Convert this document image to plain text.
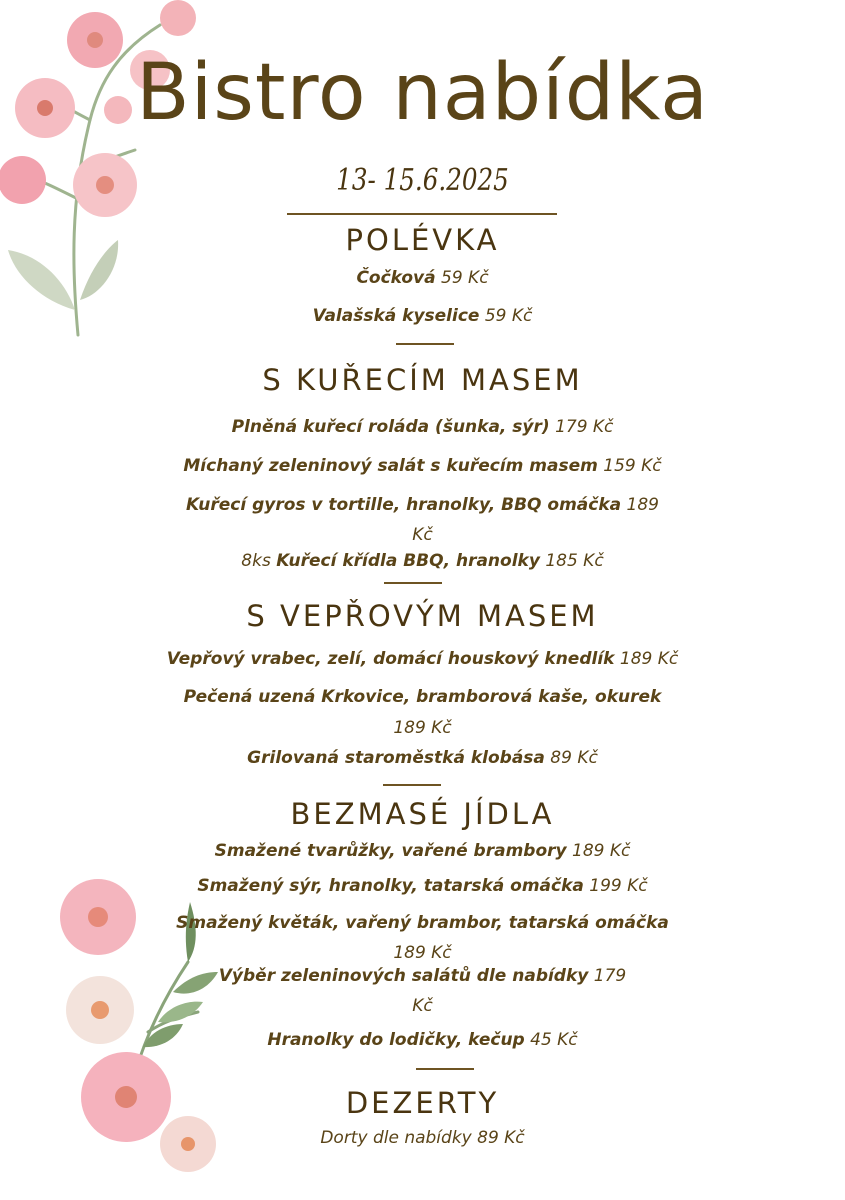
Bistro nabídka
13- 15.6.2025
POLÉVKA
Čočková 59 Kč
Valašská kyselice 59 Kč
S KUŘECÍM MASEM
Plněná kuřecí roláda (šunka, sýr) 179 Kč
Míchaný zeleninový salát s kuřecím masem 159 Kč
Kuřecí gyros v tortille, hranolky, BBQ omáčka 189
Kč
8ks Kuřecí křídla BBQ, hranolky 185 Kč
S VEPŘOVÝM MASEM
Vepřový vrabec, zelí, domácí houskový knedlík 189 Kč
Pečená uzená Krkovice, bramborová kaše, okurek
189 Kč
Grilovaná staroměstká klobása 89 Kč
BEZMASÉ JÍDLA
Smažené tvarůžky, vařené brambory 189 Kč
Smažený sýr, hranolky, tatarská omáčka 199 Kč
Smažený květák, vařený brambor, tatarská omáčka
189 Kč
Výběr zeleninových salátů dle nabídky 179
Kč
Hranolky do lodičky, kečup 45 Kč
DEZERTY
Dorty dle nabídky 89 Kč
